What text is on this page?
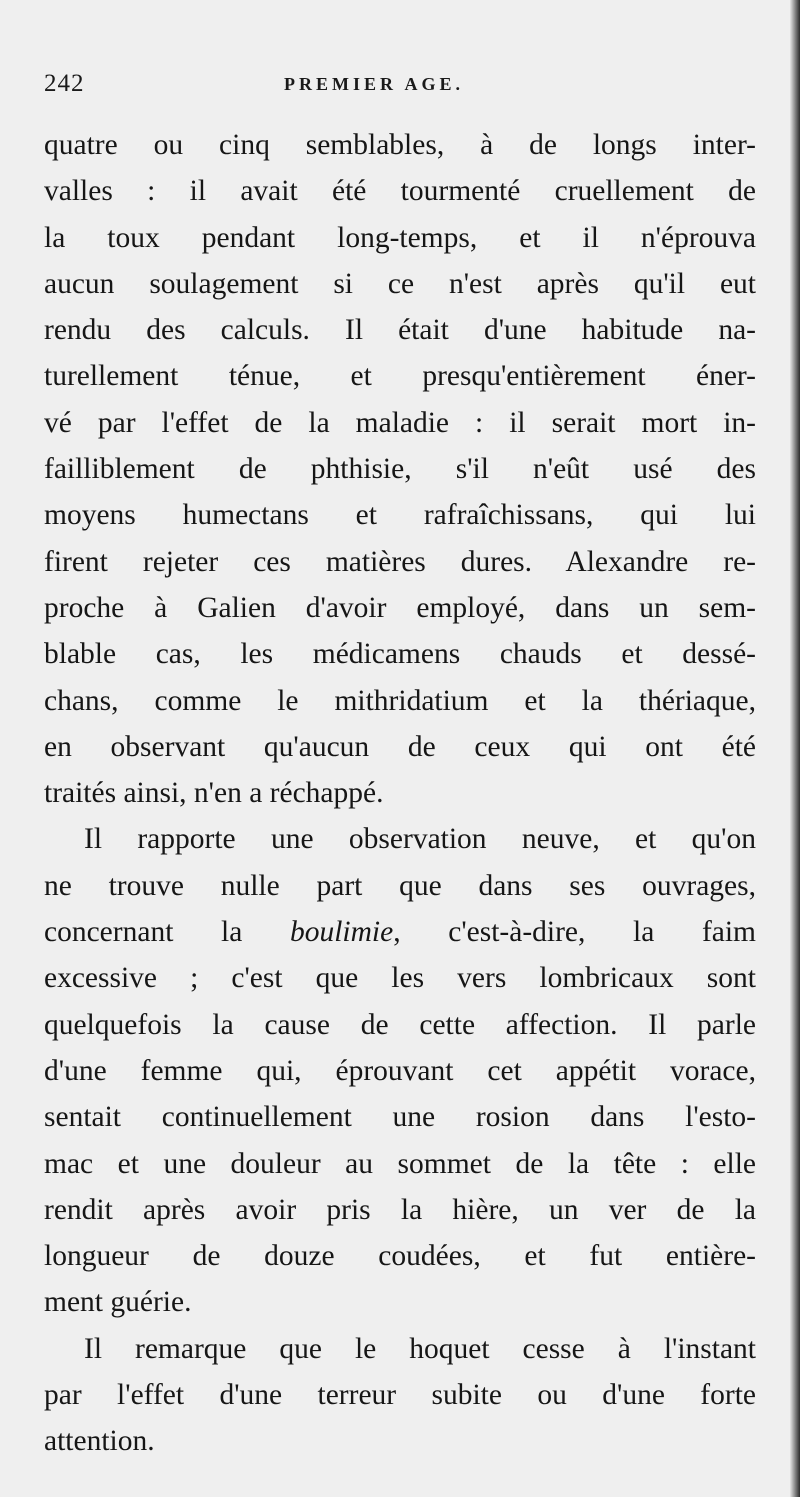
242	PREMIER AGE.
quatre ou cinq semblables, à de longs inter-
valles : il avait été tourmenté cruellement de
la toux pendant long-temps, et il n'éprouva
aucun soulagement si ce n'est après qu'il eut
rendu des calculs. Il était d'une habitude na-
turellement ténue, et presqu'entièrement éner-
vé par l'effet de la maladie : il serait mort in-
failliblement de phthisie, s'il n'eût usé des
moyens humectans et rafraîchissans, qui lui
firent rejeter ces matières dures. Alexandre re-
proche à Galien d'avoir employé, dans un sem-
blable cas, les médicamens chauds et dessé-
chans, comme le mithridatium et la thériaque,
en observant qu'aucun de ceux qui ont été
traités ainsi, n'en a réchappé.
Il rapporte une observation neuve, et qu'on
ne trouve nulle part que dans ses ouvrages,
concernant la boulimie, c'est-à-dire, la faim
excessive ; c'est que les vers lombricaux sont
quelquefois la cause de cette affection. Il parle
d'une femme qui, éprouvant cet appétit vorace,
sentait continuellement une rosion dans l'esto-
mac et une douleur au sommet de la tête : elle
rendit après avoir pris la hière, un ver de la
longueur de douze coudées, et fut entière-
ment guérie.
Il remarque que le hoquet cesse à l'instant
par l'effet d'une terreur subite ou d'une forte
attention.
